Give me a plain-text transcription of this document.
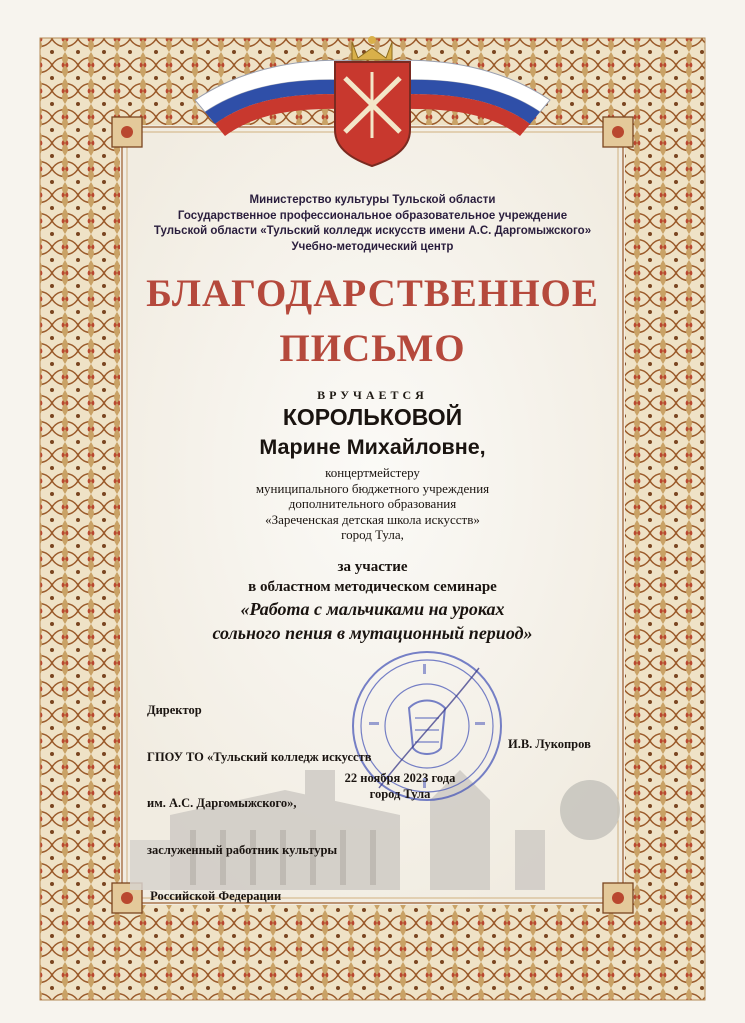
Министерство культуры Тульской области
Государственное профессиональное образовательное учреждение
Тульской области «Тульский колледж искусств имени А.С. Даргомыжского»
Учебно-методический центр
БЛАГОДАРСТВЕННОЕ
ПИСЬМО
ВРУЧАЕТСЯ
КОРОЛЬКОВОЙ
Марине Михайловне,
концертмейстеру
муниципального бюджетного учреждения
дополнительного образования
«Зареченская детская школа искусств»
город Тула,
за участие
в областном методическом семинаре
«Работа с мальчиками на уроках
сольного пения в мутационный период»

Директор

ГПОУ ТО «Тульский колледж искусств

им. А.С. Даргомыжского»,

заслуженный работник культуры

Российской Федерации

И.В. Лукопров
22 ноября 2023 года
город Тула
